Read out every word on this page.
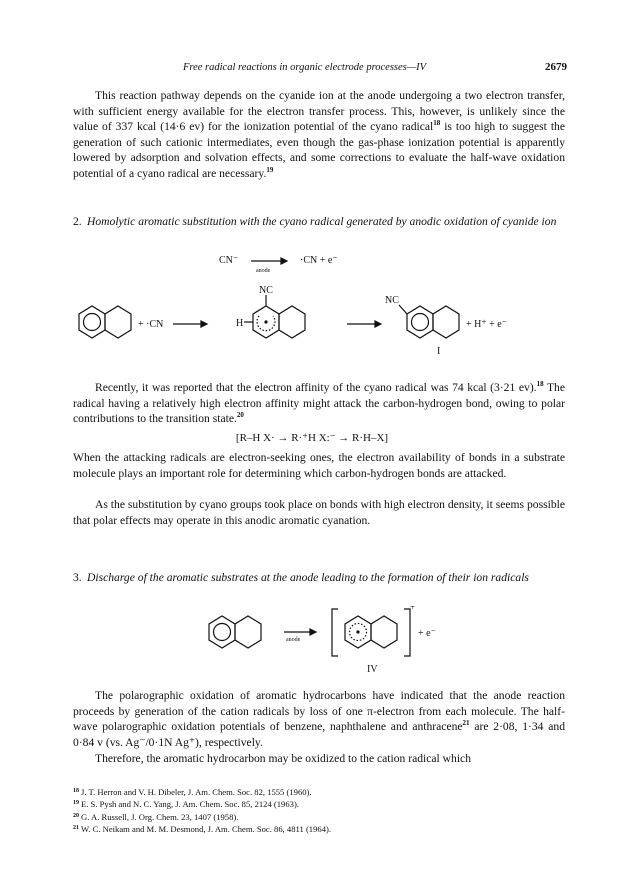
Free radical reactions in organic electrode processes—IV	2679

This reaction pathway depends on the cyanide ion at the anode undergoing a two electron transfer, with sufficient energy available for the electron transfer process. This, however, is unlikely since the value of 337 kcal (14·6 ev) for the ionization potential of the cyano radical$^{18}$ is too high to suggest the generation of such cationic intermediates, even though the gas-phase ionization potential is apparently lowered by adsorption and solvation effects, and some corrections to evaluate the half-wave oxidation potential of a cyano radical are necessary.$^{19}$

2. Homolytic aromatic substitution with the cyano radical generated by anodic oxidation of cyanide ion
CN⁻
anode
·CN + e⁻
+ ·CN
NC
H
NC
+ H⁺ + e⁻
I

Recently, it was reported that the electron affinity of the cyano radical was 74 kcal (3·21 ev).$^{18}$ The radical having a relatively high electron affinity might attack the carbon-hydrogen bond, owing to polar contributions to the transition state.$^{20}$

[R–H X· → R·⁺H X:⁻ → R·H–X]

When the attacking radicals are electron-seeking ones, the electron availability of bonds in a substrate molecule plays an important role for determining which carbon-hydrogen bonds are attacked.

As the substitution by cyano groups took place on bonds with high electron density, it seems possible that polar effects may operate in this anodic aromatic cyanation.

3. Discharge of the aromatic substrates at the anode leading to the formation of their ion radicals
anode
+
+ e⁻
IV

The polarographic oxidation of aromatic hydrocarbons have indicated that the anode reaction proceeds by generation of the cation radicals by loss of one π-electron from each molecule. The half-wave polarographic oxidation potentials of benzene, naphthalene and anthracene$^{21}$ are 2·08, 1·34 and 0·84 v (vs. Ag⁻/0·1N Ag⁺), respectively.

Therefore, the aromatic hydrocarbon may be oxidized to the cation radical which

$^{18}$ J. T. Herron and V. H. Dibeler, J. Am. Chem. Soc. 82, 1555 (1960).
$^{19}$ E. S. Pysh and N. C. Yang, J. Am. Chem. Soc. 85, 2124 (1963).
$^{20}$ G. A. Russell, J. Org. Chem. 23, 1407 (1958).
$^{21}$ W. C. Neikam and M. M. Desmond, J. Am. Chem. Soc. 86, 4811 (1964).
